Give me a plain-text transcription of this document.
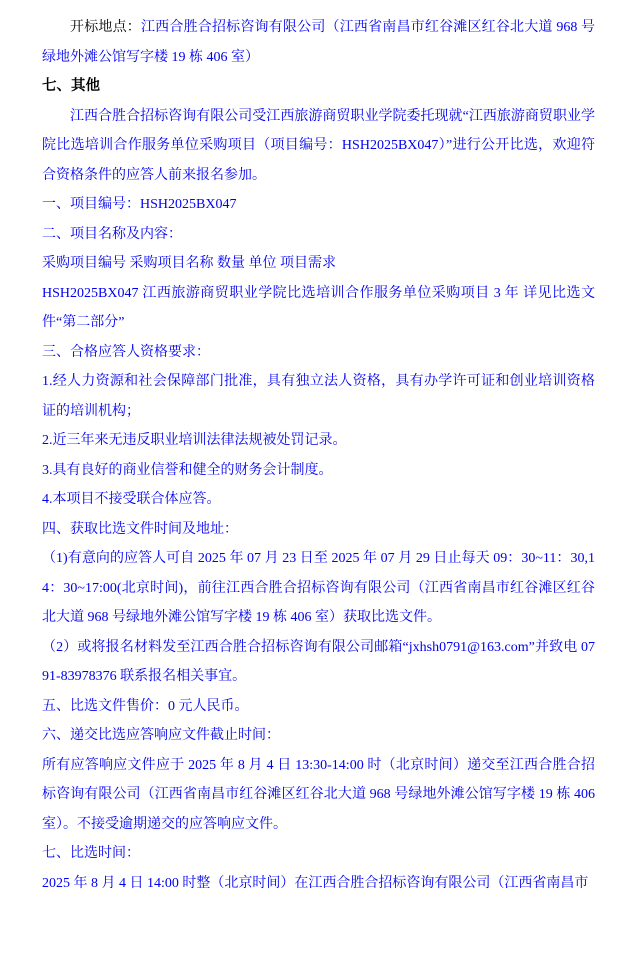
开标地点：江西合胜合招标咨询有限公司（江西省南昌市红谷滩区红谷北大道 968 号绿地外滩公馆写字楼 19 栋 406 室）

七、其他

江西合胜合招标咨询有限公司受江西旅游商贸职业学院委托现就“江西旅游商贸职业学院比选培训合作服务单位采购项目（项目编号：HSH2025BX047）”进行公开比选，欢迎符合资格条件的应答人前来报名参加。

一、项目编号：HSH2025BX047

二、项目名称及内容：

采购项目编号 采购项目名称 数量 单位 项目需求

HSH2025BX047 江西旅游商贸职业学院比选培训合作服务单位采购项目 3 年 详见比选文件“第二部分”

三、合格应答人资格要求：

1.经人力资源和社会保障部门批准，具有独立法人资格，具有办学许可证和创业培训资格证的培训机构；

2.近三年来无违反职业培训法律法规被处罚记录。

3.具有良好的商业信誉和健全的财务会计制度。

4.本项目不接受联合体应答。

四、获取比选文件时间及地址：

（1)有意向的应答人可自 2025 年 07 月 23 日至 2025 年 07 月 29 日止每天 09：30~11：30,14：30~17:00(北京时间)，前往江西合胜合招标咨询有限公司（江西省南昌市红谷滩区红谷北大道 968 号绿地外滩公馆写字楼 19 栋 406 室）获取比选文件。

（2）或将报名材料发至江西合胜合招标咨询有限公司邮箱“jxhsh0791@163.com”并致电 0791-83978376 联系报名相关事宜。

五、比选文件售价：0 元人民币。

六、递交比选应答响应文件截止时间：

所有应答响应文件应于 2025 年 8 月 4 日 13:30-14:00 时（北京时间）递交至江西合胜合招标咨询有限公司（江西省南昌市红谷滩区红谷北大道 968 号绿地外滩公馆写字楼 19 栋 406 室）。不接受逾期递交的应答响应文件。

七、比选时间：

2025 年 8 月 4 日 14:00 时整（北京时间）在江西合胜合招标咨询有限公司（江西省南昌市
